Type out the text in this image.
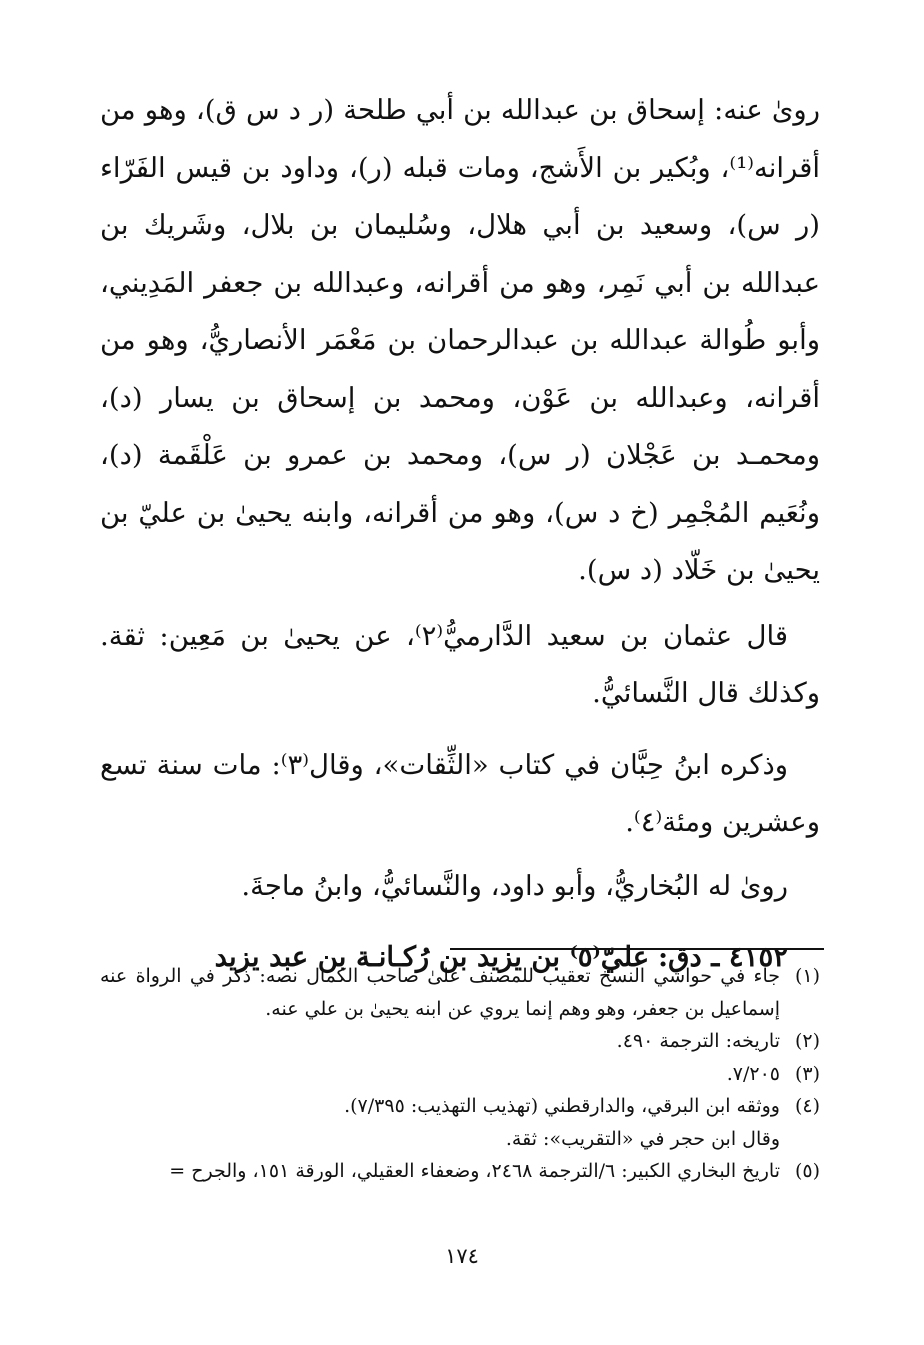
رویٰ عنه: إسحاق بن عبدالله بن أبي طلحة (ر د س ق)، وهو من أقرانه⁽¹⁾، وبُكير بن الأَشج، ومات قبله (ر)، وداود بن قيس الفَرّاء (ر س)، وسعيد بن أبي هلال، وسُليمان بن بلال، وشَريك بن عبدالله بن أبي نَمِر، وهو من أقرانه، وعبدالله بن جعفر المَدِيني، وأبو طُوالة عبدالله بن عبدالرحمان بن مَعْمَر الأنصاريُّ، وهو من أقرانه، وعبدالله بن عَوْن، ومحمد بن إسحاق بن يسار (د)، ومحمـد بن عَجْلان (ر س)، ومحمد بن عمرو بن عَلْقَمة (د)، ونُعَيم المُجْمِر (خ د س)، وهو من أقرانه، وابنه يحيىٰ بن عليّ بن يحيىٰ بن خَلّاد (د س).

قال عثمان بن سعيد الدَّارميُّ⁽٢⁾، عن يحيىٰ بن مَعِين: ثقة. وكذلك قال النَّسائيُّ.

وذكره ابنُ حِبَّان في كتاب «الثِّقات»، وقال⁽٣⁾: مات سنة تسع وعشرين ومئة⁽٤⁾.

رویٰ له البُخاريُّ، وأبو داود، والنَّسائيُّ، وابنُ ماجةَ.

٤١٥٢ ـ دق: عليّ⁽٥⁾ بن يزيد بن رُكـانـة بن عبد يزيد

(١)
جاء في حواشي النسخ تعقيب للمصنف علىٰ صاحب الكمال نصه: ذكر في الرواة عنه إسماعيل بن جعفر، وهو وهم إنما يروي عن ابنه يحيىٰ بن علي عنه.
(٢)
تاريخه: الترجمة ٤٩٠.
(٣)
٧/٢٠٥.
(٤)
ووثقه ابن البرقي، والدارقطني (تهذيب التهذيب: ٧/٣٩٥).
وقال ابن حجر في «التقريب»: ثقة.
(٥)
تاريخ البخاري الكبير: ٦/الترجمة ٢٤٦٨، وضعفاء العقيلي، الورقة ١٥١، والجرح =
١٧٤
